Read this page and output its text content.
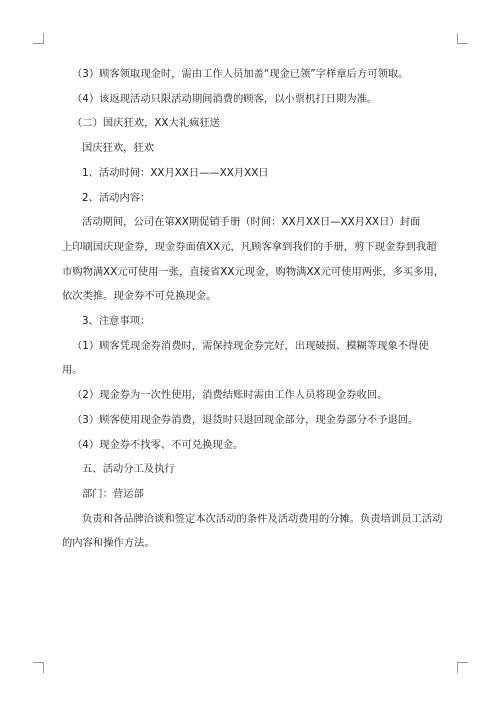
（3）顾客领取现金时，需由工作人员加盖“现金已领”字样章后方可领取。
（4）该返现活动只限活动期间消费的顾客，以小票机打日期为准。
（二）国庆狂欢，XX大礼疯狂送
国庆狂欢，狂欢
1、活动时间：XX月XX日——XX月XX日
2、活动内容：
活动期间，公司在第XX期促销手册（时间：XX月XX日—XX月XX日）封面
上印刷国庆现金券，现金券面值XX元，凡顾客拿到我们的手册，剪下现金券到我超
市购物满XX元可使用一张，直接省XX元现金，购物满XX元可使用两张，多买多用，
依次类推。现金券不可兑换现金。
3、注意事项：
（1）顾客凭现金券消费时，需保持现金券完好，出现破损、模糊等现象不得使
用。
（2）现金券为一次性使用，消费结账时需由工作人员将现金券收回。
（3）顾客使用现金券消费，退货时只退回现金部分，现金券部分不予退回。
（4）现金券不找零、不可兑换现金。
五、活动分工及执行
部门：营运部
负责和各品牌洽谈和签定本次活动的条件及活动费用的分摊。负责培训员工活动
的内容和操作方法。
